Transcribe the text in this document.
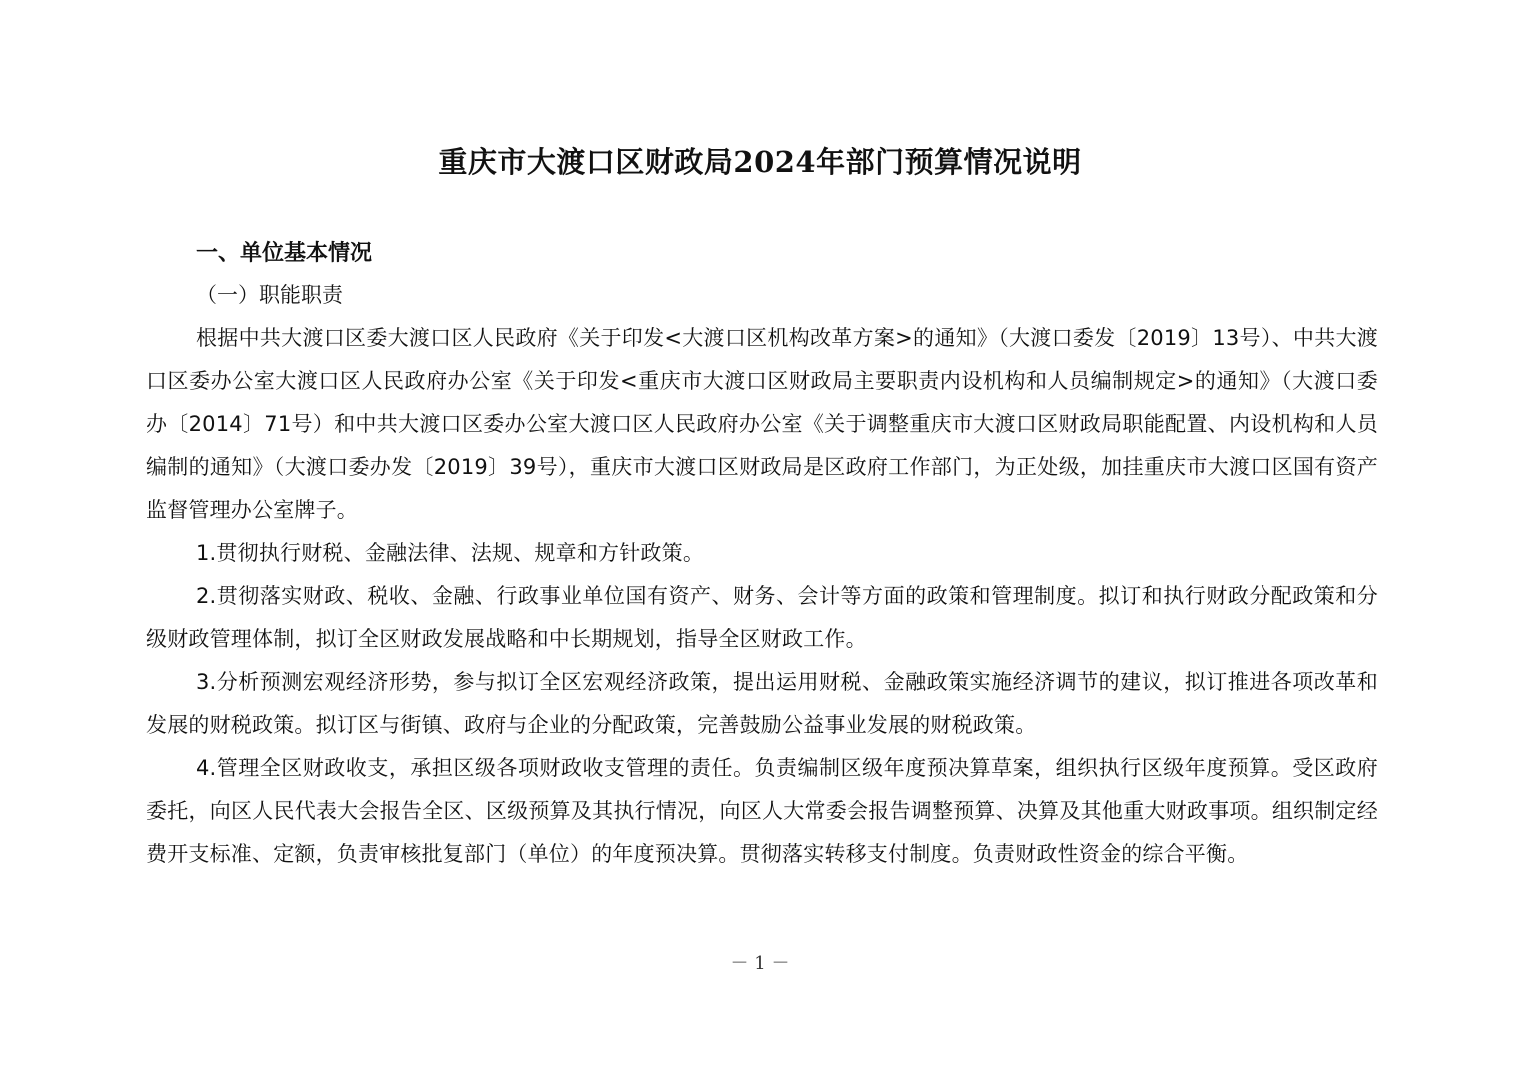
重庆市大渡口区财政局2024年部门预算情况说明
一、单位基本情况
（一）职能职责

根据中共大渡口区委大渡口区人民政府《关于印发<大渡口区机构改革方案>的通知》（大渡口委发〔2019〕13号）、中共大渡口区委办公室大渡口区人民政府办公室《关于印发<重庆市大渡口区财政局主要职责内设机构和人员编制规定>的通知》（大渡口委办〔2014〕71号）和中共大渡口区委办公室大渡口区人民政府办公室《关于调整重庆市大渡口区财政局职能配置、内设机构和人员编制的通知》（大渡口委办发〔2019〕39号），重庆市大渡口区财政局是区政府工作部门，为正处级，加挂重庆市大渡口区国有资产监督管理办公室牌子。

1.贯彻执行财税、金融法律、法规、规章和方针政策。

2.贯彻落实财政、税收、金融、行政事业单位国有资产、财务、会计等方面的政策和管理制度。拟订和执行财政分配政策和分级财政管理体制，拟订全区财政发展战略和中长期规划，指导全区财政工作。

3.分析预测宏观经济形势，参与拟订全区宏观经济政策，提出运用财税、金融政策实施经济调节的建议，拟订推进各项改革和发展的财税政策。拟订区与街镇、政府与企业的分配政策，完善鼓励公益事业发展的财税政策。

4.管理全区财政收支，承担区级各项财政收支管理的责任。负责编制区级年度预决算草案，组织执行区级年度预算。受区政府委托，向区人民代表大会报告全区、区级预算及其执行情况，向区人大常委会报告调整预算、决算及其他重大财政事项。组织制定经费开支标准、定额，负责审核批复部门（单位）的年度预决算。贯彻落实转移支付制度。负责财政性资金的综合平衡。

－ 1 －
